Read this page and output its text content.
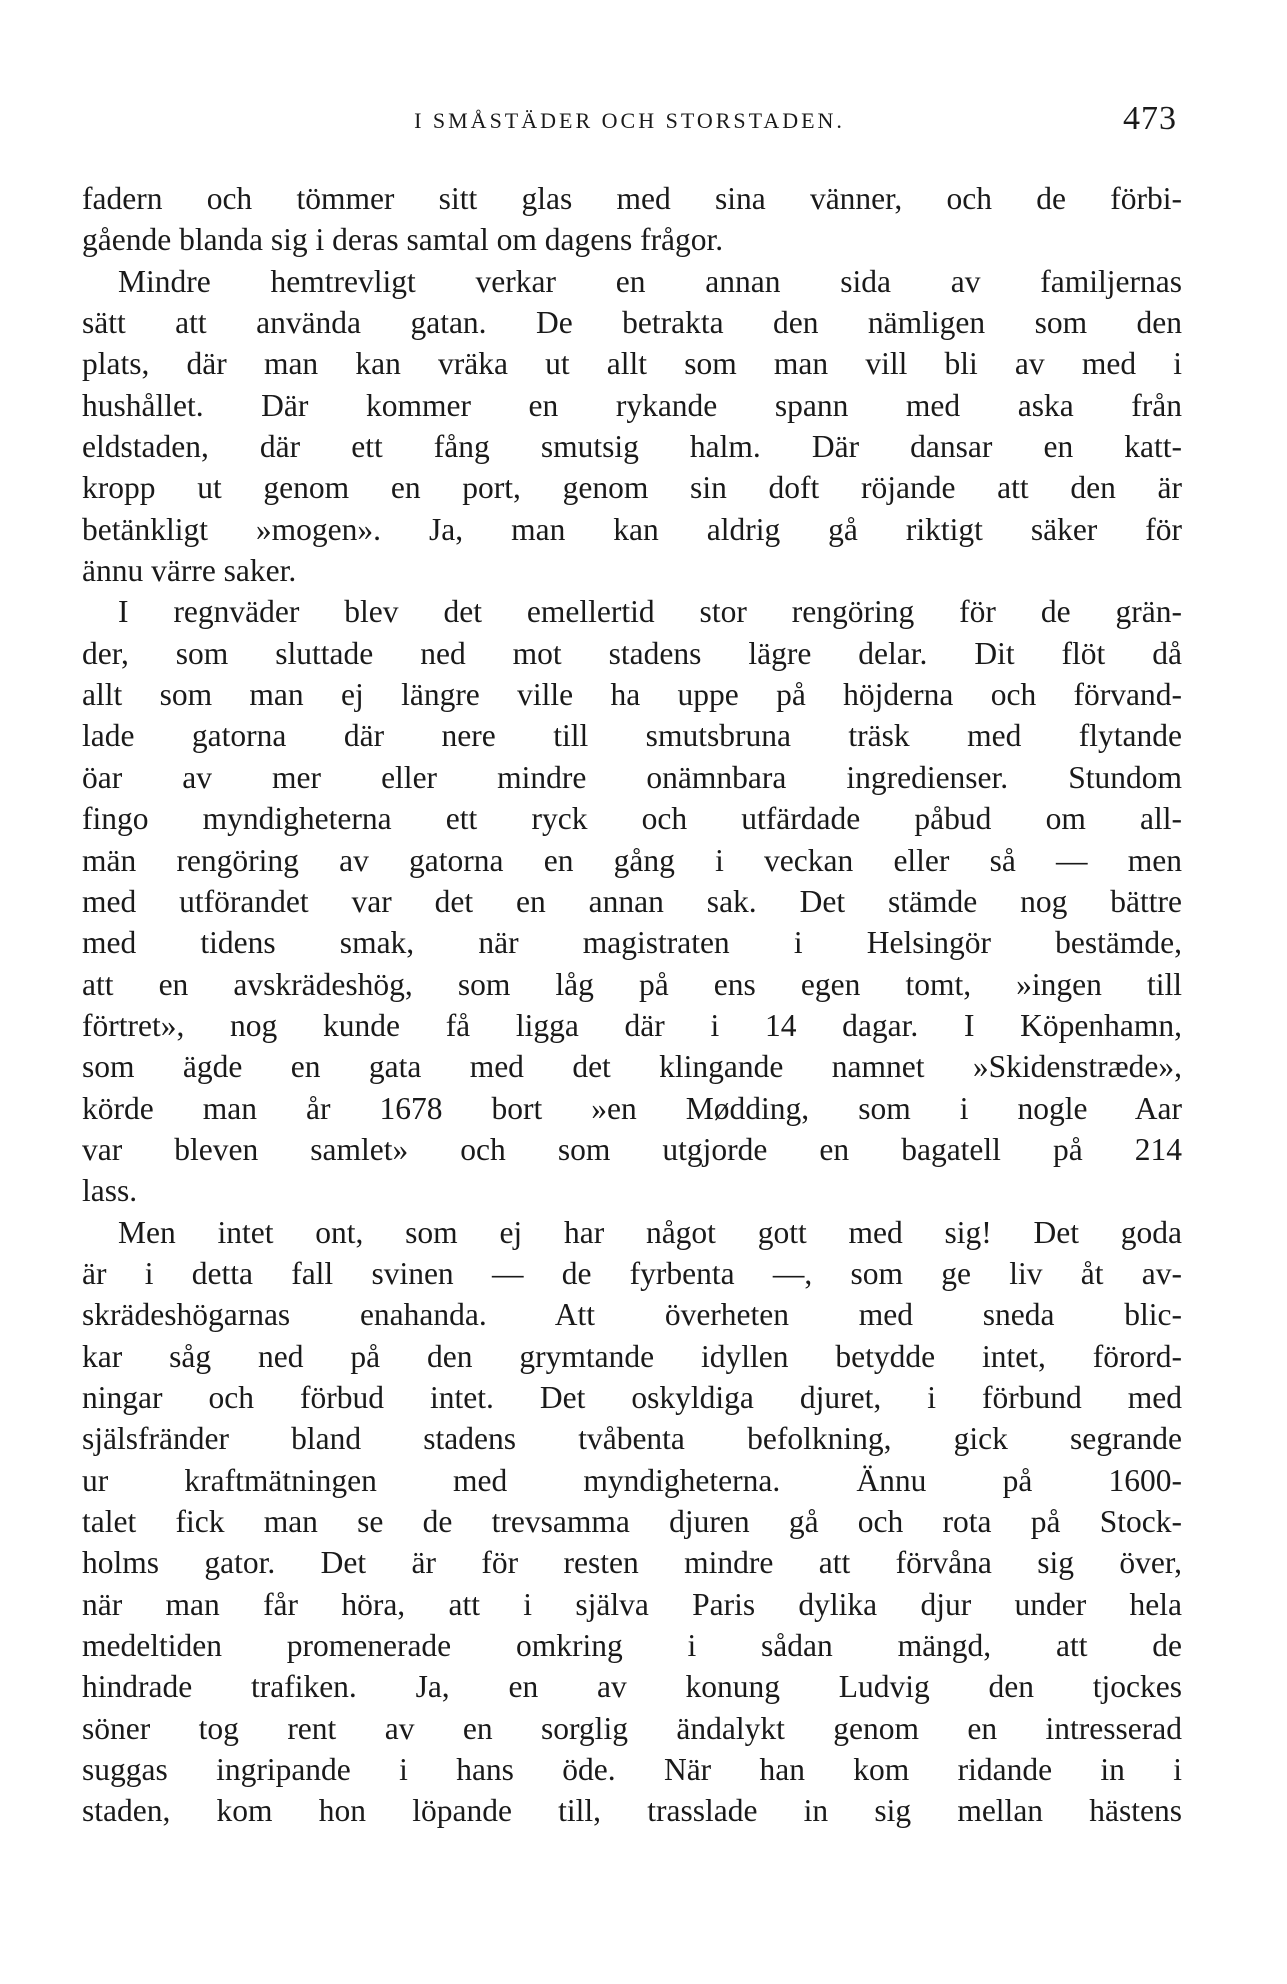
I SMÅSTÄDER OCH STORSTADEN.	473
fadern och tömmer sitt glas med sina vänner, och de förbi-
gående blanda sig i deras samtal om dagens frågor.
Mindre hemtrevligt verkar en annan sida av familjernas
sätt att använda gatan. De betrakta den nämligen som den
plats, där man kan vräka ut allt som man vill bli av med i
hushållet. Där kommer en rykande spann med aska från
eldstaden, där ett fång smutsig halm. Där dansar en katt-
kropp ut genom en port, genom sin doft röjande att den är
betänkligt »mogen». Ja, man kan aldrig gå riktigt säker för
ännu värre saker.
I regnväder blev det emellertid stor rengöring för de grän-
der, som sluttade ned mot stadens lägre delar. Dit flöt då
allt som man ej längre ville ha uppe på höjderna och förvand-
lade gatorna där nere till smutsbruna träsk med flytande
öar av mer eller mindre onämnbara ingredienser. Stundom
fingo myndigheterna ett ryck och utfärdade påbud om all-
män rengöring av gatorna en gång i veckan eller så — men
med utförandet var det en annan sak. Det stämde nog bättre
med tidens smak, när magistraten i Helsingör bestämde,
att en avskrädeshög, som låg på ens egen tomt, »ingen till
förtret», nog kunde få ligga där i 14 dagar. I Köpenhamn,
som ägde en gata med det klingande namnet »Skidenstræde»,
körde man år 1678 bort »en Mødding, som i nogle Aar
var bleven samlet» och som utgjorde en bagatell på 214
lass.
Men intet ont, som ej har något gott med sig! Det goda
är i detta fall svinen — de fyrbenta —, som ge liv åt av-
skrädeshögarnas enahanda. Att överheten med sneda blic-
kar såg ned på den grymtande idyllen betydde intet, förord-
ningar och förbud intet. Det oskyldiga djuret, i förbund med
själsfränder bland stadens tvåbenta befolkning, gick segrande
ur kraftmätningen med myndigheterna. Ännu på 1600-
talet fick man se de trevsamma djuren gå och rota på Stock-
holms gator. Det är för resten mindre att förvåna sig över,
när man får höra, att i själva Paris dylika djur under hela
medeltiden promenerade omkring i sådan mängd, att de
hindrade trafiken. Ja, en av konung Ludvig den tjockes
söner tog rent av en sorglig ändalykt genom en intresserad
suggas ingripande i hans öde. När han kom ridande in i
staden, kom hon löpande till, trasslade in sig mellan hästens
